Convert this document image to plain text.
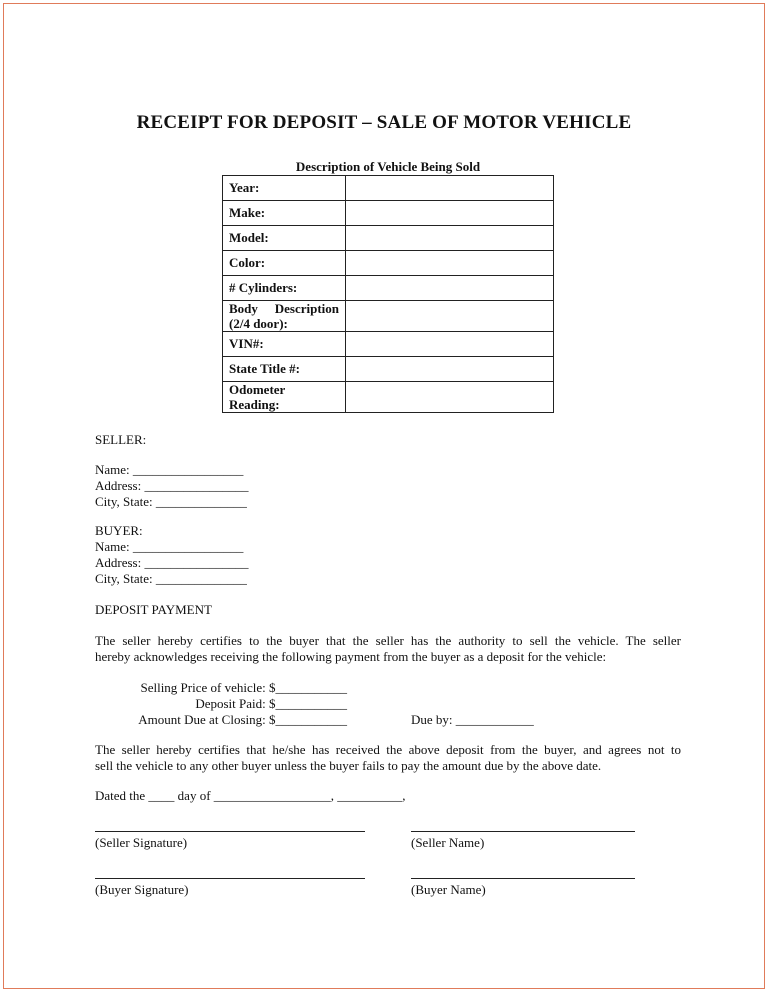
RECEIPT FOR DEPOSIT – SALE OF MOTOR VEHICLE
Description of Vehicle Being Sold
Year:	
Make:	
Model:	
Color:	
# Cylinders:	

Body Description
(2/4 door):	

VIN#:	
State Title #:	

Odometer
Reading:	

SELLER:
Name: _________________
Address: ________________
City, State: ______________
BUYER:
Name: _________________
Address: ________________
City, State: ______________
DEPOSIT PAYMENT
The seller hereby certifies to the buyer that the seller has the authority to sell the vehicle. The seller
hereby acknowledges receiving the following payment from the buyer as a deposit for the vehicle:
Selling Price of vehicle: $___________
Deposit Paid: $___________
Amount Due at Closing: $___________	Due by: ____________
The seller hereby certifies that he/she has received the above deposit from the buyer, and agrees not to
sell the vehicle to any other buyer unless the buyer fails to pay the amount due by the above date.
Dated the ____ day of __________________, __________,
(Seller Signature)	(Seller Name)
(Buyer Signature)	(Buyer Name)
